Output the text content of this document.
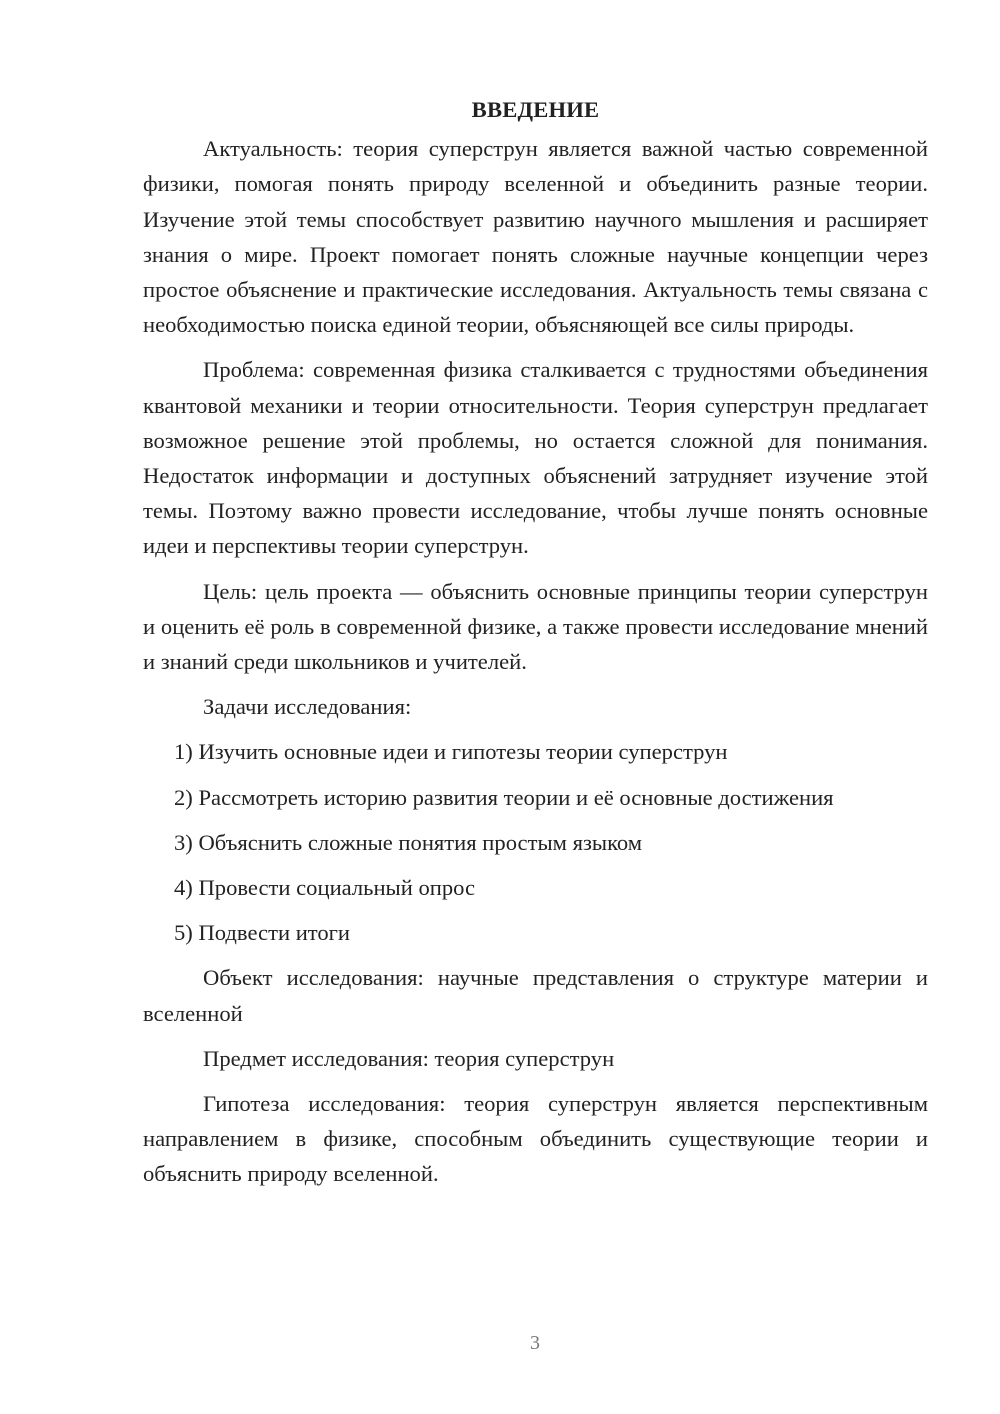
ВВЕДЕНИЕ

Актуальность: теория суперструн является важной частью современной физики, помогая понять природу вселенной и объединить разные теории. Изучение этой темы способствует развитию научного мышления и расширяет знания о мире. Проект помогает понять сложные научные концепции через простое объяснение и практические исследования. Актуальность темы связана с необходимостью поиска единой теории, объясняющей все силы природы.

Проблема: современная физика сталкивается с трудностями объединения квантовой механики и теории относительности. Теория суперструн предлагает возможное решение этой проблемы, но остается сложной для понимания. Недостаток информации и доступных объяснений затрудняет изучение этой темы. Поэтому важно провести исследование, чтобы лучше понять основные идеи и перспективы теории суперструн.

Цель: цель проекта — объяснить основные принципы теории суперструн и оценить её роль в современной физике, а также провести исследование мнений и знаний среди школьников и учителей.

Задачи исследования:

1) Изучить основные идеи и гипотезы теории суперструн
2) Рассмотреть историю развития теории и её основные достижения
3) Объяснить сложные понятия простым языком
4) Провести социальный опрос
5) Подвести итоги

Объект исследования: научные представления о структуре материи и вселенной

Предмет исследования: теория суперструн

Гипотеза исследования: теория суперструн является перспективным направлением в физике, способным объединить существующие теории и объяснить природу вселенной.

3
